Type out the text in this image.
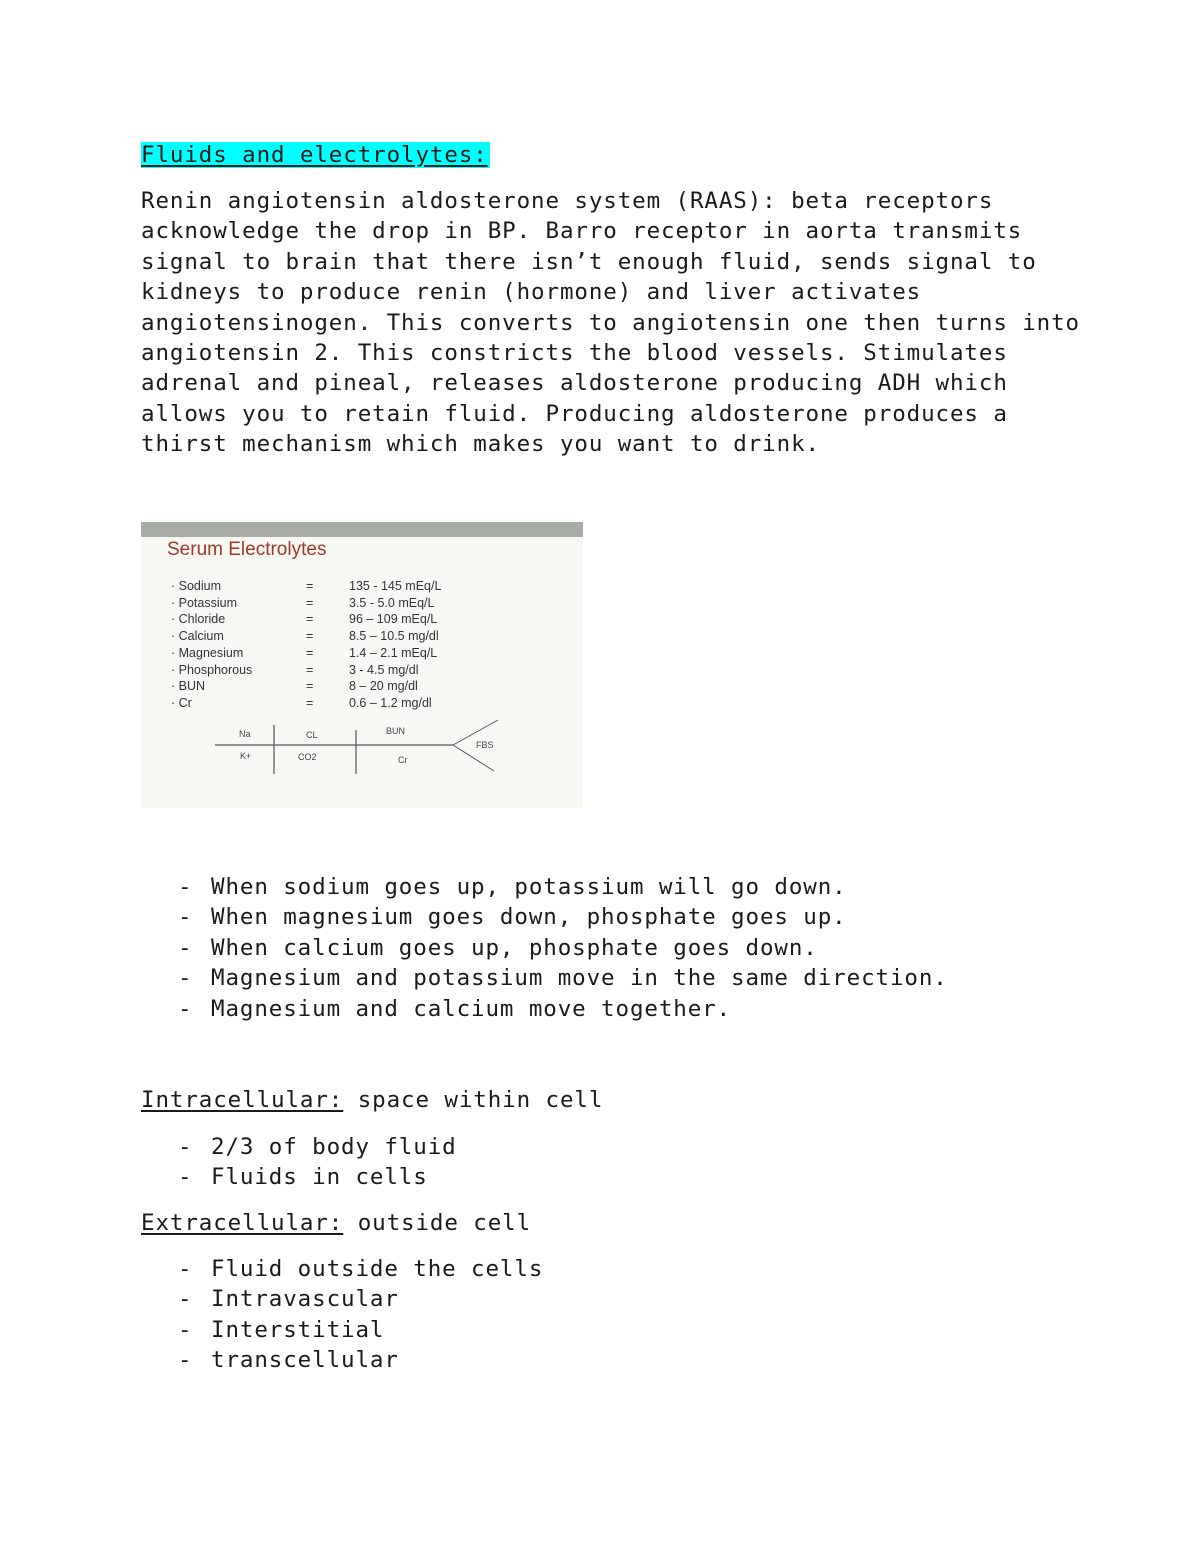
Fluids and electrolytes:

Renin angiotensin aldosterone system (RAAS): beta receptors
acknowledge the drop in BP. Barro receptor in aorta transmits
signal to brain that there isn’t enough fluid, sends signal to
kidneys to produce renin (hormone) and liver activates
angiotensinogen. This converts to angiotensin one then turns into
angiotensin 2. This constricts the blood vessels. Stimulates
adrenal and pineal, releases aldosterone producing ADH which
allows you to retain fluid. Producing aldosterone produces a
thirst mechanism which makes you want to drink.

Serum Electrolytes
· Sodium	=	135 - 145 mEq/L
· Potassium	=	3.5 - 5.0 mEq/L
· Chloride	=	96 – 109 mEq/L
· Calcium	=	8.5 – 10.5 mg/dl
· Magnesium	=	1.4 – 2.1 mEq/L
· Phosphorous	=	3 - 4.5 mg/dl
· BUN	=	8 – 20 mg/dl
· Cr	=	0.6 – 1.2 mg/dl
Na
K+
CL
CO2
BUN
Cr
FBS
- When sodium goes up, potassium will go down.
- When magnesium goes down, phosphate goes up.
- When calcium goes up, phosphate goes down.
- Magnesium and potassium move in the same direction.
- Magnesium and calcium move together.
Intracellular: space within cell
- 2/3 of body fluid
- Fluids in cells
Extracellular: outside cell
- Fluid outside the cells
- Intravascular
- Interstitial
- transcellular
